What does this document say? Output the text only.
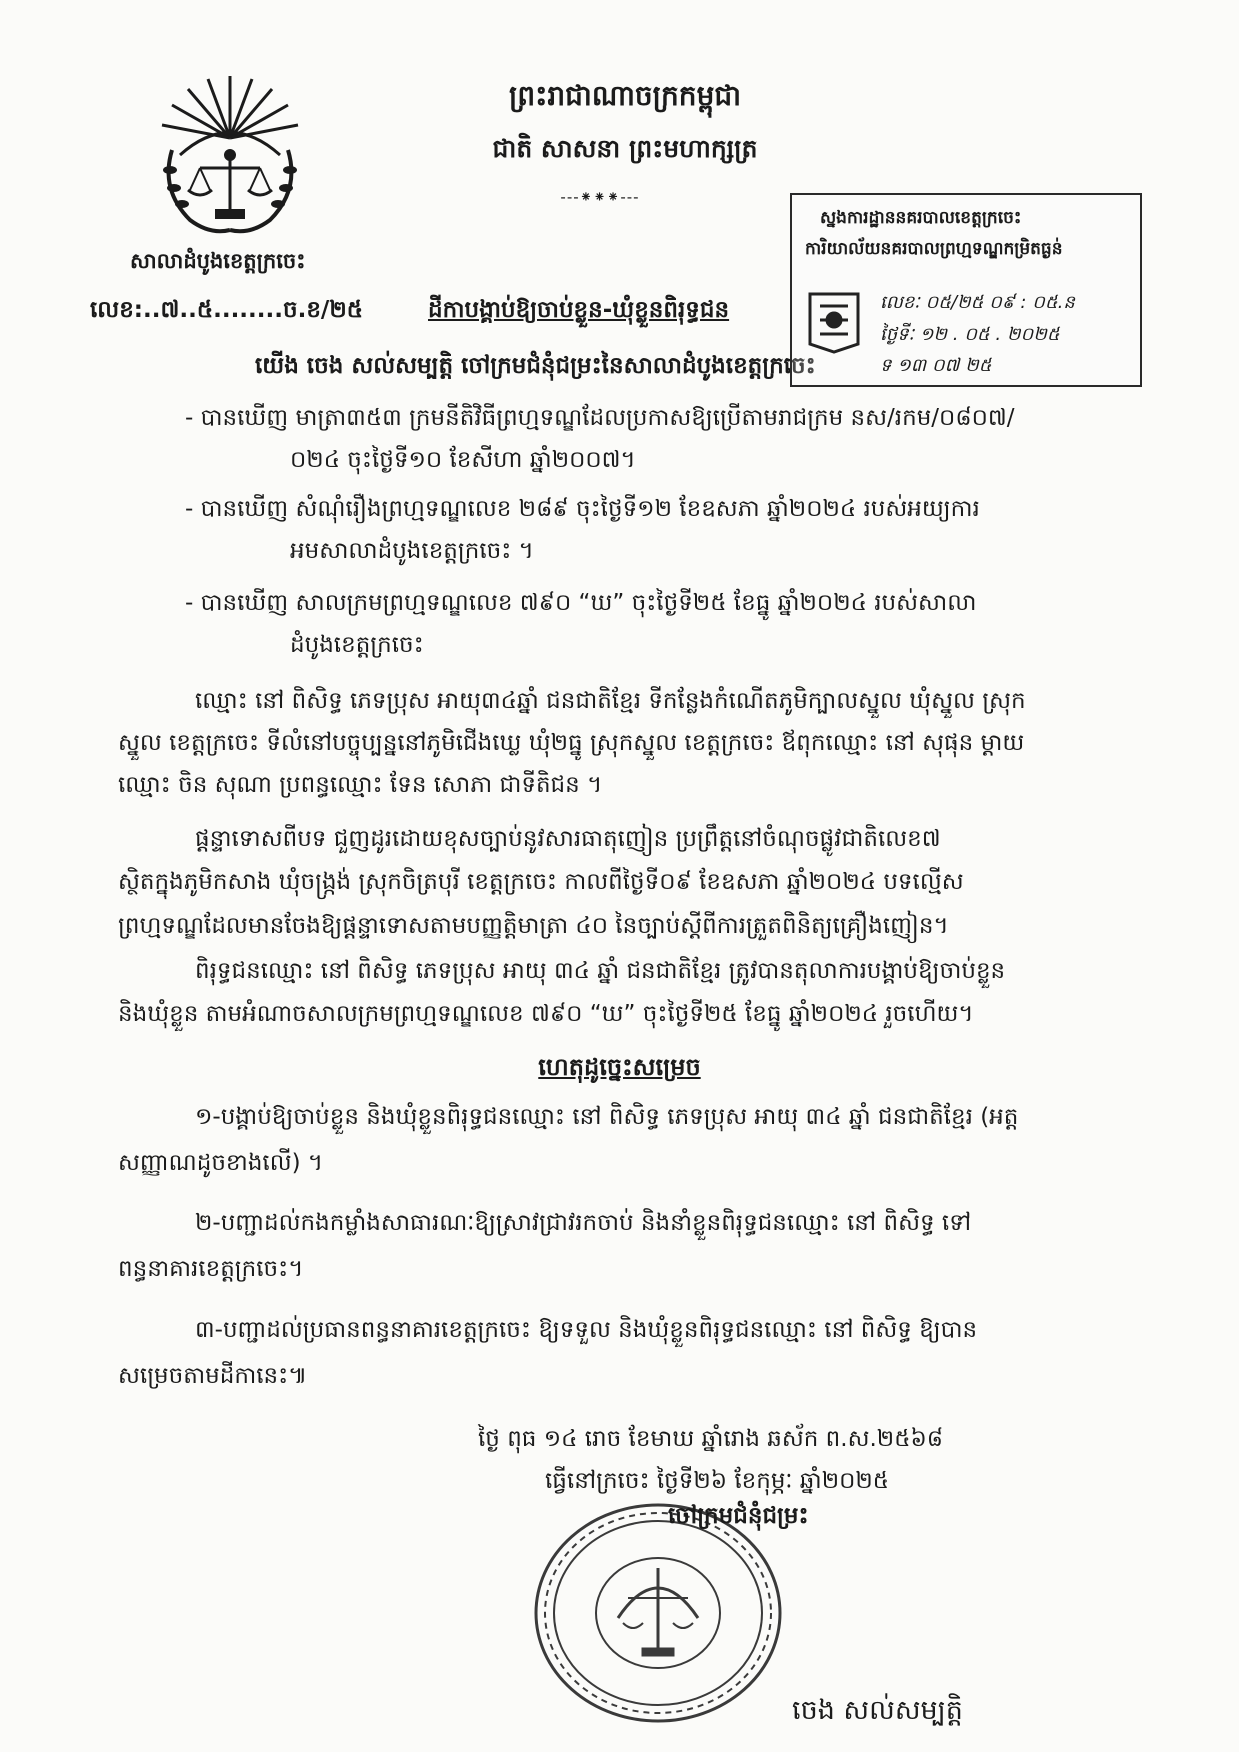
ព្រះរាជាណាចក្រកម្ពុជា
ជាតិ សាសនា ព្រះមហាក្សត្រ
---⁕⁕⁕---
សាលាដំបូងខេត្តក្រចេះ
លេខ:..៧..៥........ច.ខ/២៥	ដីកាបង្គាប់ឱ្យចាប់ខ្លួន-ឃុំខ្លួនពិរុទ្ធជន
យើង ចេង សល់សម្បត្តិ ចៅក្រមជំនុំជម្រះនៃសាលាដំបូងខេត្តក្រចេះ
ស្នងការដ្ឋាននគរបាលខេត្តក្រចេះ
ការិយាល័យនគរបាលព្រហ្មទណ្ឌកម្រិតធ្ងន់
លេខៈ ០៥/២៥ ០៩ : ០៥.ន
ថ្ងៃទីៈ ១២ . ០៥ . ២០២៥
ទ ១៣ ០៧ ២៥
- បានឃើញ មាត្រា៣៥៣ ក្រមនីតិវិធីព្រហ្មទណ្ឌដែលប្រកាសឱ្យប្រើតាមរាជក្រម នស/រកម/០៨០៧/
០២៤ ចុះថ្ងៃទី១០ ខែសីហា ឆ្នាំ២០០៧។
- បានឃើញ សំណុំរឿងព្រហ្មទណ្ឌលេខ ២៨៩ ចុះថ្ងៃទី១២ ខែឧសភា ឆ្នាំ២០២៤ របស់អយ្យការ
អមសាលាដំបូងខេត្តក្រចេះ ។
- បានឃើញ សាលក្រមព្រហ្មទណ្ឌលេខ ៧៩០ “ឃ” ចុះថ្ងៃទី២៥ ខែធ្នូ ឆ្នាំ២០២៤ របស់សាលា
ដំបូងខេត្តក្រចេះ
ឈ្មោះ នៅ ពិសិទ្ធ ភេទប្រុស អាយុ៣៤ឆ្នាំ ជនជាតិខ្មែរ ទីកន្លែងកំណើតភូមិក្បាលស្នួល ឃុំស្នួល ស្រុក
ស្នួល ខេត្តក្រចេះ ទីលំនៅបច្ចុប្បន្ននៅភូមិជើងឃ្លេ ឃុំ២ធ្នូ ស្រុកស្នួល ខេត្តក្រចេះ ឪពុកឈ្មោះ នៅ សុផុន ម្ដាយ
ឈ្មោះ ចិន សុណា ប្រពន្ធឈ្មោះ ទែន សោភា ជាទីតិជន ។
ផ្តន្ទាទោសពីបទ ជួញដូរដោយខុសច្បាប់នូវសារធាតុញៀន ប្រព្រឹត្តនៅចំណុចផ្លូវជាតិលេខ៧
ស្ថិតក្នុងភូមិកសាង ឃុំចង្ក្រង់ ស្រុកចិត្របុរី ខេត្តក្រចេះ កាលពីថ្ងៃទី០៩ ខែឧសភា ឆ្នាំ២០២៤ បទល្មើស
ព្រហ្មទណ្ឌដែលមានចែងឱ្យផ្តន្ទាទោសតាមបញ្ញត្តិមាត្រា ៤០ នៃច្បាប់ស្តីពីការត្រួតពិនិត្យគ្រឿងញៀន។
ពិរុទ្ធជនឈ្មោះ នៅ ពិសិទ្ធ ភេទប្រុស អាយុ ៣៤ ឆ្នាំ ជនជាតិខ្មែរ ត្រូវបានតុលាការបង្គាប់ឱ្យចាប់ខ្លួន
និងឃុំខ្លួន តាមអំណាចសាលក្រមព្រហ្មទណ្ឌលេខ ៧៩០ “ឃ” ចុះថ្ងៃទី២៥ ខែធ្នូ ឆ្នាំ២០២៤ រួចហើយ។
ហេតុដូច្នេះសម្រេច
១-បង្គាប់ឱ្យចាប់ខ្លួន និងឃុំខ្លួនពិរុទ្ធជនឈ្មោះ នៅ ពិសិទ្ធ ភេទប្រុស អាយុ ៣៤ ឆ្នាំ ជនជាតិខ្មែរ (អត្ត
សញ្ញាណដូចខាងលើ) ។
២-បញ្ជាដល់កងកម្លាំងសាធារណៈឱ្យស្រាវជ្រាវរកចាប់ និងនាំខ្លួនពិរុទ្ធជនឈ្មោះ នៅ ពិសិទ្ធ ទៅ
ពន្ធនាគារខេត្តក្រចេះ។
៣-បញ្ជាដល់ប្រធានពន្ធនាគារខេត្តក្រចេះ ឱ្យទទួល និងឃុំខ្លួនពិរុទ្ធជនឈ្មោះ នៅ ពិសិទ្ធ ឱ្យបាន
សម្រេចតាមដីកានេះ៕
ថ្ងៃ ពុធ ១៤ រោច ខែមាឃ ឆ្នាំរោង ឆស័ក ព.ស.២៥៦៨
ធ្វើនៅក្រចេះ ថ្ងៃទី២៦ ខែកុម្ភៈ ឆ្នាំ២០២៥
ចៅក្រមជំនុំជម្រះ
ចេង សល់សម្បត្តិ
